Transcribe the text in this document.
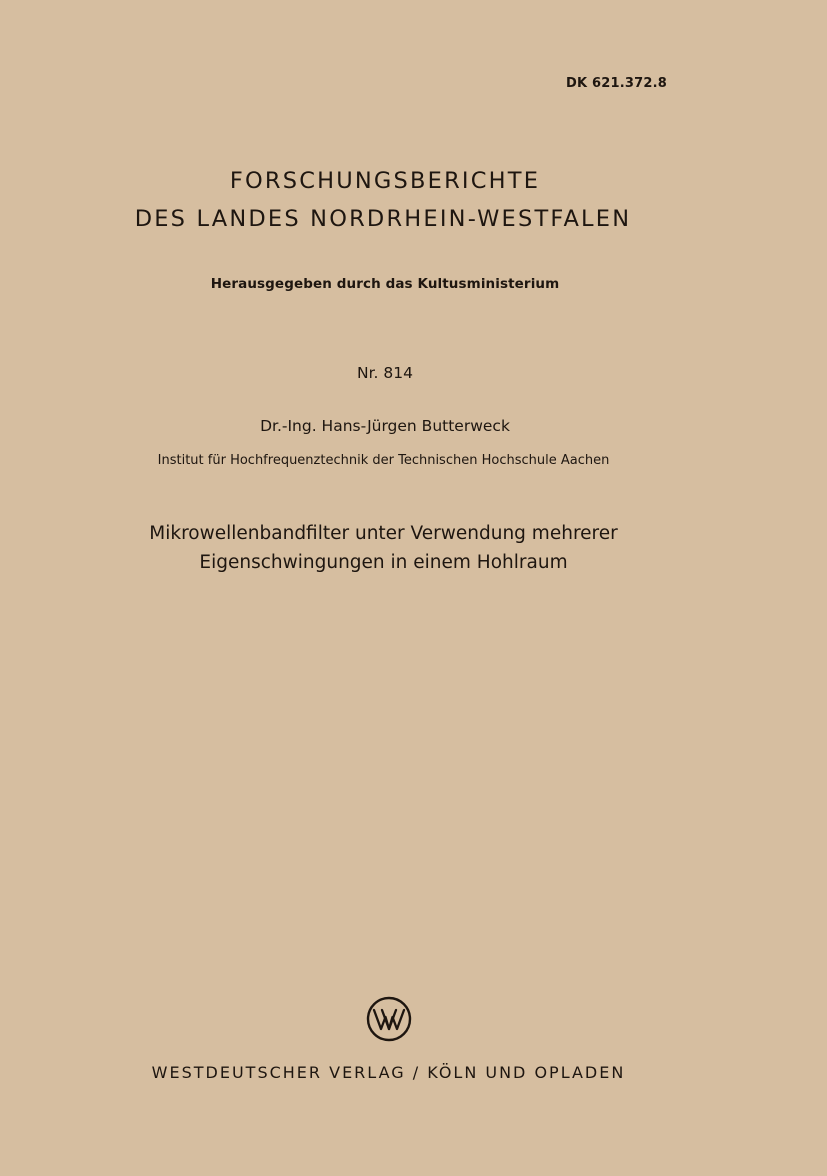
DK 621.372.8
FORSCHUNGSBERICHTE
DES LANDES NORDRHEIN-WESTFALEN
Herausgegeben durch das Kultusministerium
Nr. 814
Dr.-Ing. Hans-Jürgen Butterweck
Institut für Hochfrequenztechnik der Technischen Hochschule Aachen
Mikrowellenbandfilter unter Verwendung mehrerer
Eigenschwingungen in einem Hohlraum
WESTDEUTSCHER VERLAG / KÖLN UND OPLADEN
